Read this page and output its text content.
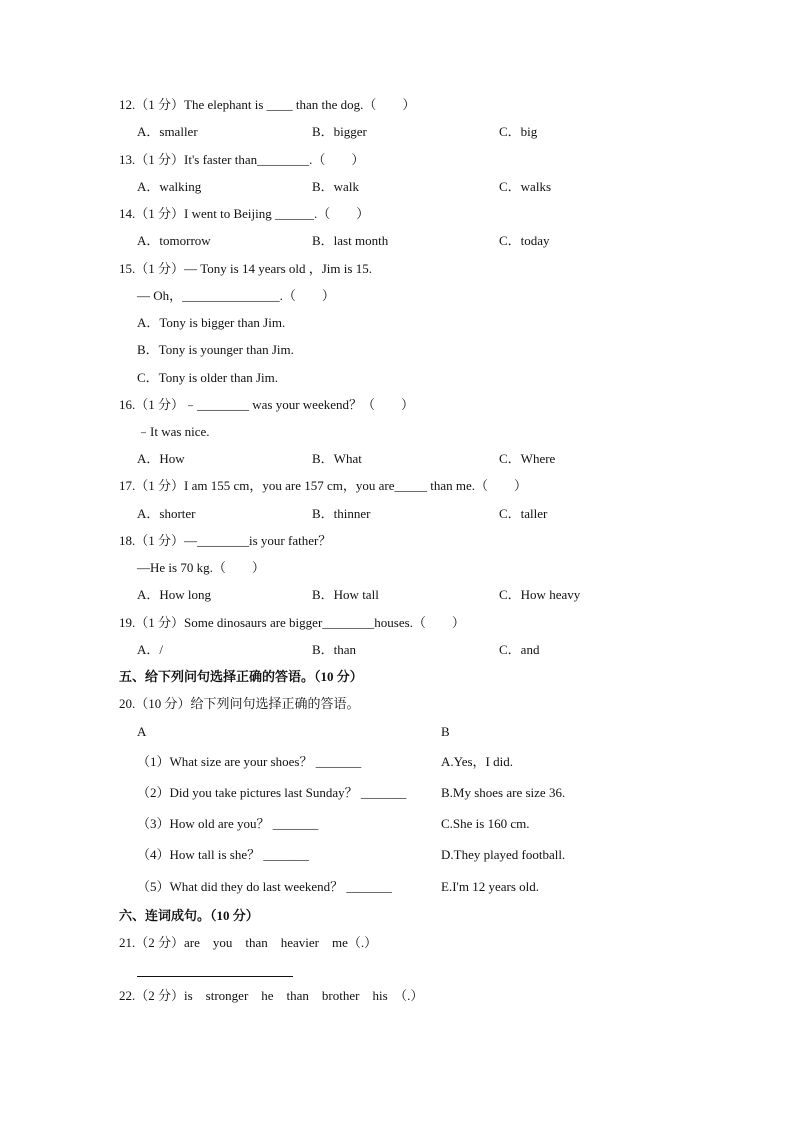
12.（1 分）The elephant is ____ than the dog.（　　）
A．smaller	B．bigger	C．big
13.（1 分）It's faster than________.（　　）
A．walking	B．walk	C．walks
14.（1 分）I went to Beijing ______.（　　）
A．tomorrow	B．last month	C．today
15.（1 分）— Tony is 14 years old ，Jim is 15.
— Oh，_______________.（　　）
A．Tony is bigger than Jim.
B．Tony is younger than Jim.
C．Tony is older than Jim.
16.（1 分）﹣________ was your weekend？（　　）
﹣It was nice.
A．How	B．What	C．Where
17.（1 分）I am 155 cm，you are 157 cm，you are_____ than me.（　　）
A．shorter	B．thinner	C．taller
18.（1 分）—________is your father？
—He is 70 kg.（　　）
A．How long	B．How tall	C．How heavy
19.（1 分）Some dinosaurs are bigger________houses.（　　）
A．/	B．than	C．and
五、给下列问句选择正确的答语。（10 分）
20.（10 分）给下列问句选择正确的答语。
A	B
（1）What size are your shoes？ _______	A.Yes，I did.
（2）Did you take pictures last Sunday？ _______	B.My shoes are size 36.
（3）How old are you？ _______	C.She is 160 cm.
（4）How tall is she？ _______	D.They played football.
（5）What did they do last weekend？ _______	E.I'm 12 years old.
六、连词成句。（10 分）
21.（2 分）are　you　than　heavier　me（.）
22.（2 分）is　stronger　he　than　brother　his　（.）
